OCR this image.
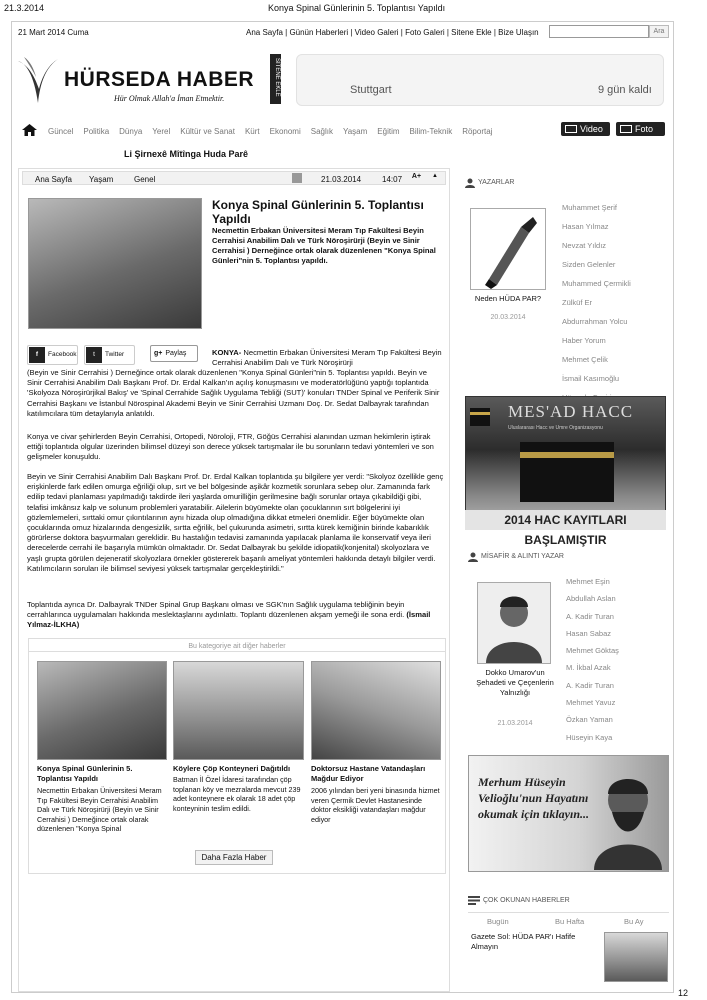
21.3.2014	Konya Spinal Günlerinin 5. Toplantısı Yapıldı
21 Mart 2014 Cuma	Ana Sayfa | Günün Haberleri | Video Galeri | Foto Galeri | Sitene Ekle | Bize Ulaşın	Ara
HÜRSEDA HABER
Hür Olmak Allah'a İman Etmektir.
SİTENE EKLE	Stuttgart	9 gün kaldı
Güncel Politika Dünya Yerel Kültür ve Sanat Kürt Ekonomi Sağlık Yaşam Eğitim Bilim-Teknik Röportaj	Video	Foto
Li Şirnexê Mîtînga Huda Parê
Ana Sayfa Yaşam	Genel	21.03.2014	14:07	A+	▲
Konya Spinal Günlerinin 5. Toplantısı Yapıldı
Necmettin Erbakan Üniversitesi Meram Tıp Fakültesi Beyin Cerrahisi Anabilim Dalı ve Türk Nöroşirürji (Beyin ve Sinir Cerrahisi ) Derneğince ortak olarak düzenlenen "Konya Spinal Günleri"nin 5. Toplantısı yapıldı.
f Facebook	t Twitter	g+ Paylaş	KONYA- Necmettin Erbakan Üniversitesi Meram Tıp Fakültesi Beyin Cerrahisi Anabilim Dalı ve Türk Nöroşirürji
(Beyin ve Sinir Cerrahisi ) Derneğince ortak olarak düzenlenen "Konya Spinal Günleri"nin 5. Toplantısı yapıldı. Beyin ve Sinir Cerrahisi Anabilim Dalı Başkanı Prof. Dr. Erdal Kalkan'ın açılış konuşmasını ve moderatörlüğünü yaptığı toplantıda 'Skolyoza Nöroşirürjikal Bakış' ve 'Spinal Cerrahide Sağlık Uygulama Tebliği (SUT)' konuları TNDer Spinal ve Periferik Sinir Cerrahisi Başkanı ve İstanbul Nörospinal Akademi Beyin ve Sinir Cerrahisi Uzmanı Doç. Dr. Sedat Dalbayrak tarafından katılımcılara tüm detaylarıyla anlatıldı.
Konya ve civar şehirlerden Beyin Cerrahisi, Ortopedi, Nöroloji, FTR, Göğüs Cerrahisi alanından uzman hekimlerin iştirak ettiği toplantıda olgular üzerinden bilimsel düzeyi son derece yüksek tartışmalar ile bu sorunların tedavi yöntemleri ve son gelişmeler konuşuldu.
Beyin ve Sinir Cerrahisi Anabilim Dalı Başkanı Prof. Dr. Erdal Kalkan toplantıda şu bilgilere yer verdi: "Skolyoz özellikle genç erişkinlerde fark edilen omurga eğriliği olup, sırt ve bel bölgesinde aşikâr kozmetik sorunlara sebep olur. Zamanında fark edilip tedavi planlaması yapılmadığı takdirde ileri yaşlarda omurilliğin gerilmesine bağlı sorunlar ortaya çıkabildiği gibi, telafisi imkânsız kalp ve solunum problemleri yaratabilir. Ailelerin büyümekte olan çocuklarının sırt bölgelerini iyi gözlemlemeleri, sırttaki omur çıkıntılarının aynı hizada olup olmadığına dikkat etmeleri önemlidir. Eğer büyümekte olan çocuklarında omuz hizalarında dengesizlik, sırtta eğrilik, bel çukurunda asimetri, sırtta kürek kemiğinin birinde kabarıklık görürlerse doktora başvurmaları gereklidir. Bu hastalığın tedavisi zamanında yapılacak planlama ile konservatif veya ileri derecelerde cerrahi ile başarıyla mümkün olmaktadır. Dr. Sedat Dalbayrak bu şekilde idiopatik(konjenital) skolyozlara ve yaşlı grupta görülen dejeneratif skolyozlara örnekler göstererek başarılı ameliyat yöntemleri hakkında detaylı bilgiler verdi. Katılımcıların soruları ile bilimsel seviyesi yüksek tartışmalar gerçekleştirildi."
Toplantıda ayrıca Dr. Dalbayrak TNDer Spinal Grup Başkanı olması ve SGK'nın Sağlık uygulama tebliğinin beyin cerrahlarınca uygulamaları hakkında meslektaşlarını aydınlattı. Toplantı düzenlenen akşam yemeği ile sona erdi. (İsmail Yılmaz-İLKHA)
Bu kategoriye ait diğer haberler
Konya Spinal Günlerinin 5. Toplantısı Yapıldı
Necmettin Erbakan Üniversitesi Meram Tıp Fakültesi Beyin Cerrahisi Anabilim Dalı ve Türk Nöroşirürji (Beyin ve Sinir Cerrahisi ) Derneğince ortak olarak düzenlenen "Konya Spinal
Köylere Çöp Konteyneri Dağıtıldı
Batman İl Özel İdaresi tarafından çöp toplanan köy ve mezralarda mevcut 239 adet konteynere ek olarak 18 adet çöp konteyninin teslim edildi.
Doktorsuz Hastane Vatandaşları Mağdur Ediyor
2006 yılından beri yeni binasında hizmet veren Çermik Devlet Hastanesinde doktor eksikliği vatandaşları mağdur ediyor
Daha Fazla Haber
YAZARLAR
Neden HÜDA PAR?
20.03.2014
Muhammet Şerif
Hasan Yılmaz
Nevzat Yıldız
Sizden Gelenler
Muhammed Çermikli
Zülküf Er
Abdurrahman Yolcu
Haber Yorum
Mehmet Çelik
İsmail Kasımoğlu
MES'AD HACC
Uluslararası Hacc ve Umre Organizasyonu
2014 HAC KAYITLARI BAŞLAMIŞTIR
MİSAFİR & ALINTI YAZAR
Dokko Umarov'un Şehadeti ve Çeçenlerin Yalnızlığı
21.03.2014
Mehmet Eşin
Abdullah Aslan
A. Kadir Turan
Hasan Sabaz
Mehmet Göktaş
M. İkbal Azak
A. Kadir Turan
Mehmet Yavuz
Özkan Yaman
Hüseyin Kaya
Merhum Hüseyin
Velioğlu'nun Hayatını
okumak için tıklayın...
ÇOK OKUNAN HABERLER
Bugün	Bu Hafta	Bu Ay
Gazete Sol: HÜDA PAR'ı Hafife Almayın
12
